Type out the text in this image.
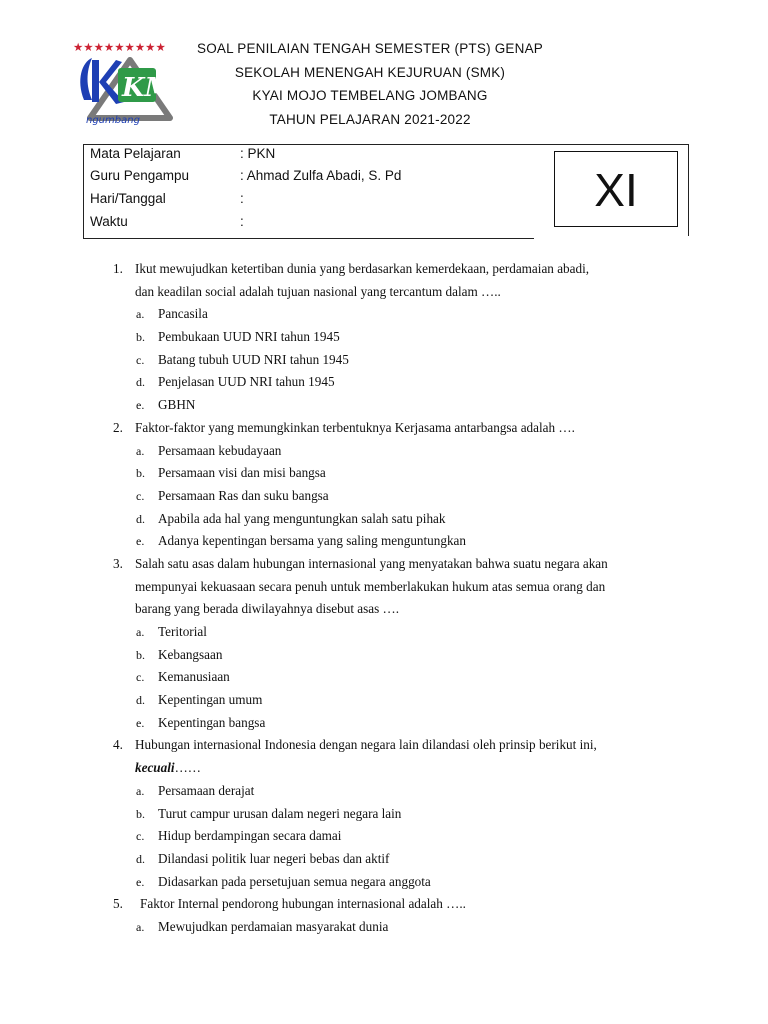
★★★★★★★★★
KM
ngumbang
SOAL PENILAIAN TENGAH SEMESTER (PTS) GENAP
SEKOLAH MENENGAH KEJURUAN (SMK)
KYAI MOJO TEMBELANG JOMBANG
TAHUN PELAJARAN 2021-2022
Mata Pelajaran	: PKN
Guru Pengampu	: Ahmad Zulfa Abadi, S. Pd
Hari/Tanggal	:
Waktu	:
XI
1. Ikut mewujudkan ketertiban dunia yang berdasarkan kemerdekaan, perdamaian abadi,
dan keadilan social adalah tujuan nasional yang tercantum dalam …..
a. Pancasila
b. Pembukaan UUD NRI tahun 1945
c. Batang tubuh UUD NRI tahun 1945
d. Penjelasan UUD NRI tahun 1945
e. GBHN
2. Faktor-faktor yang memungkinkan terbentuknya Kerjasama antarbangsa adalah ….
a. Persamaan kebudayaan
b. Persamaan visi dan misi bangsa
c. Persamaan Ras dan suku bangsa
d. Apabila ada hal yang menguntungkan salah satu pihak
e. Adanya kepentingan bersama yang saling menguntungkan
3. Salah satu asas dalam hubungan internasional yang menyatakan bahwa suatu negara akan
mempunyai kekuasaan secara penuh untuk memberlakukan hukum atas semua orang dan
barang yang berada diwilayahnya disebut asas ….
a. Teritorial
b. Kebangsaan
c. Kemanusiaan
d. Kepentingan umum
e. Kepentingan bangsa
4. Hubungan internasional Indonesia dengan negara lain dilandasi oleh prinsip berikut ini,
kecuali……
a. Persamaan derajat
b. Turut campur urusan dalam negeri negara lain
c. Hidup berdampingan secara damai
d. Dilandasi politik luar negeri bebas dan aktif
e. Didasarkan pada persetujuan semua negara anggota
5. Faktor Internal pendorong hubungan internasional adalah …..
a. Mewujudkan perdamaian masyarakat dunia
